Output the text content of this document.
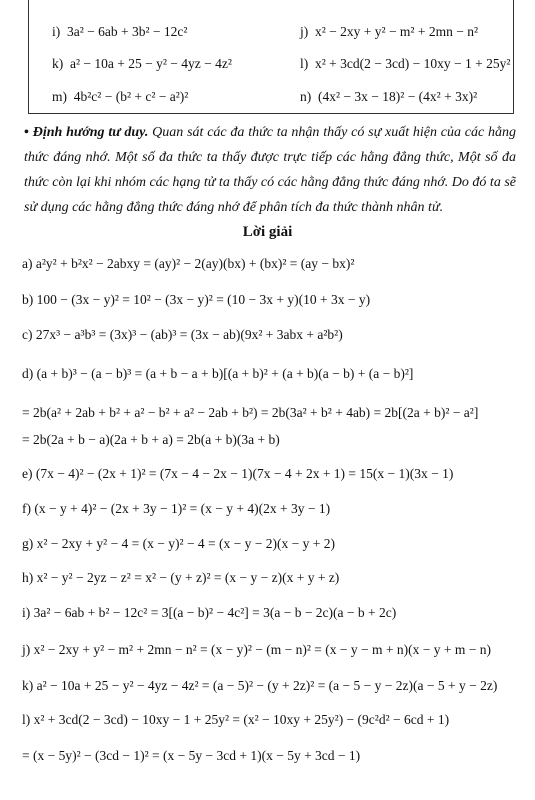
i) 3a² − 6ab + 3b² − 12c²	j) x² − 2xy + y² − m² + 2mn − n²
k) a² − 10a + 25 − y² − 4yz − 4z²	l) x² + 3cd(2 − 3cd) − 10xy − 1 + 25y²
m) 4b²c² − (b² + c² − a²)²	n) (4x² − 3x − 18)² − (4x² + 3x)²
• Định hướng tư duy. Quan sát các đa thức ta nhận thấy có sự xuất hiện của các hằng thức đáng nhớ. Một số đa thức ta thấy được trực tiếp các hằng đẳng thức, Một số đa thức còn lại khi nhóm các hạng tử ta thấy có các hằng đẳng thức đáng nhớ. Do đó ta sẽ sử dụng các hằng đẳng thức đáng nhớ để phân tích đa thức thành nhân tử.
Lời giải
a) a²y² + b²x² − 2abxy = (ay)² − 2(ay)(bx) + (bx)² = (ay − bx)²
b) 100 − (3x − y)² = 10² − (3x − y)² = (10 − 3x + y)(10 + 3x − y)
c) 27x³ − a³b³ = (3x)³ − (ab)³ = (3x − ab)(9x² + 3abx + a²b²)
d) (a + b)³ − (a − b)³ = (a + b − a + b)[(a + b)² + (a + b)(a − b) + (a − b)²]
= 2b(a² + 2ab + b² + a² − b² + a² − 2ab + b²) = 2b(3a² + b² + 4ab) = 2b[(2a + b)² − a²]
= 2b(2a + b − a)(2a + b + a) = 2b(a + b)(3a + b)
e) (7x − 4)² − (2x + 1)² = (7x − 4 − 2x − 1)(7x − 4 + 2x + 1) = 15(x − 1)(3x − 1)
f) (x − y + 4)² − (2x + 3y − 1)² = (x − y + 4)(2x + 3y − 1)
g) x² − 2xy + y² − 4 = (x − y)² − 4 = (x − y − 2)(x − y + 2)
h) x² − y² − 2yz − z² = x² − (y + z)² = (x − y − z)(x + y + z)
i) 3a² − 6ab + b² − 12c² = 3[(a − b)² − 4c²] = 3(a − b − 2c)(a − b + 2c)
j) x² − 2xy + y² − m² + 2mn − n² = (x − y)² − (m − n)² = (x − y − m + n)(x − y + m − n)
k) a² − 10a + 25 − y² − 4yz − 4z² = (a − 5)² − (y + 2z)² = (a − 5 − y − 2z)(a − 5 + y − 2z)
l) x² + 3cd(2 − 3cd) − 10xy − 1 + 25y² = (x² − 10xy + 25y²) − (9c²d² − 6cd + 1)
= (x − 5y)² − (3cd − 1)² = (x − 5y − 3cd + 1)(x − 5y + 3cd − 1)
